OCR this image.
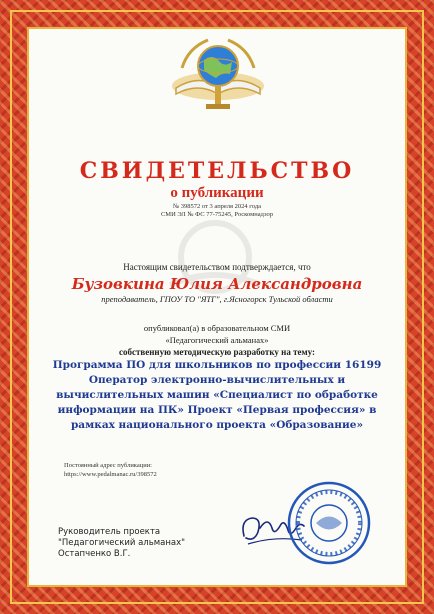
СВИДЕТЕЛЬСТВО
о публикации
№ 398572 от 3 апреля 2024 года
СМИ ЭЛ № ФС 77-75245, Роскомнадзор
Настоящим свидетельством подтверждается, что
Бузовкина Юлия Александровна
преподаватель, ГПОУ ТО "ЯТГ", г.Ясногорск Тульской области
опубликовал(а) в образовательном СМИ
«Педагогический альманах»
собственную методическую разработку на тему:
Программа ПО для школьников по профессии 16199
Оператор электронно-вычислительных и
вычислительных машин «Специалист по обработке
информации на ПК» Проект «Первая профессия» в
рамках национального проекта «Образование»
Постоянный адрес публикации:
https://www.pedalmanac.ru/398572
Руководитель проекта
"Педагогический альманах"
Остапченко В.Г.
